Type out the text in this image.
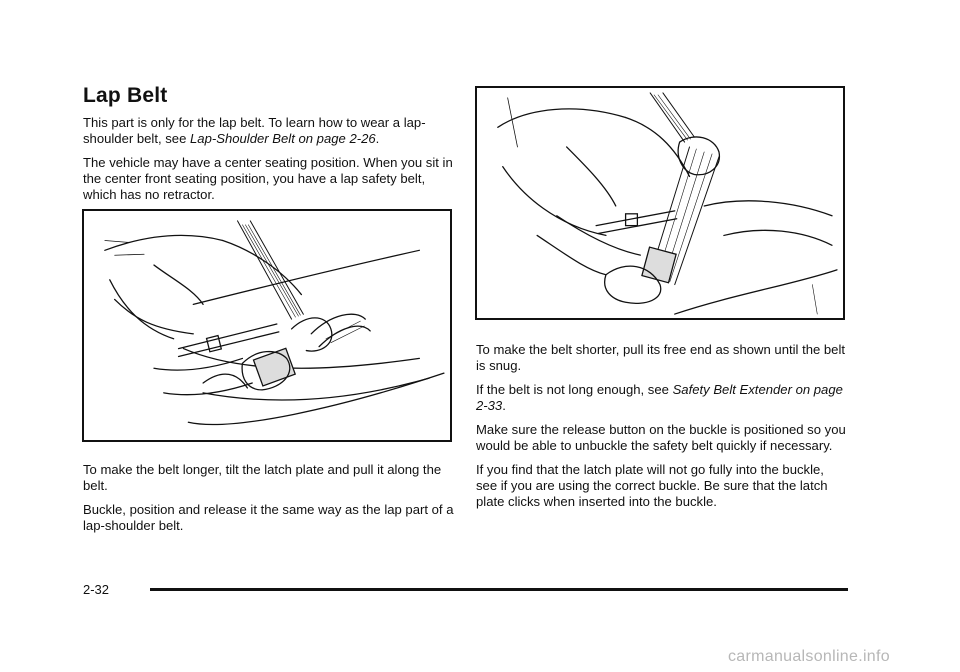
Lap Belt

This part is only for the lap belt. To learn how to wear a lap-shoulder belt, see Lap-Shoulder Belt on page 2-26.

The vehicle may have a center seating position. When you sit in the center front seating position, you have a lap safety belt, which has no retractor.

To make the belt longer, tilt the latch plate and pull it along the belt.

Buckle, position and release it the same way as the lap part of a lap-shoulder belt.

To make the belt shorter, pull its free end as shown until the belt is snug.

If the belt is not long enough, see Safety Belt Extender on page 2-33.

Make sure the release button on the buckle is positioned so you would be able to unbuckle the safety belt quickly if necessary.

If you find that the latch plate will not go fully into the buckle, see if you are using the correct buckle. Be sure that the latch plate clicks when inserted into the buckle.

2-32
carmanualsonline.info
